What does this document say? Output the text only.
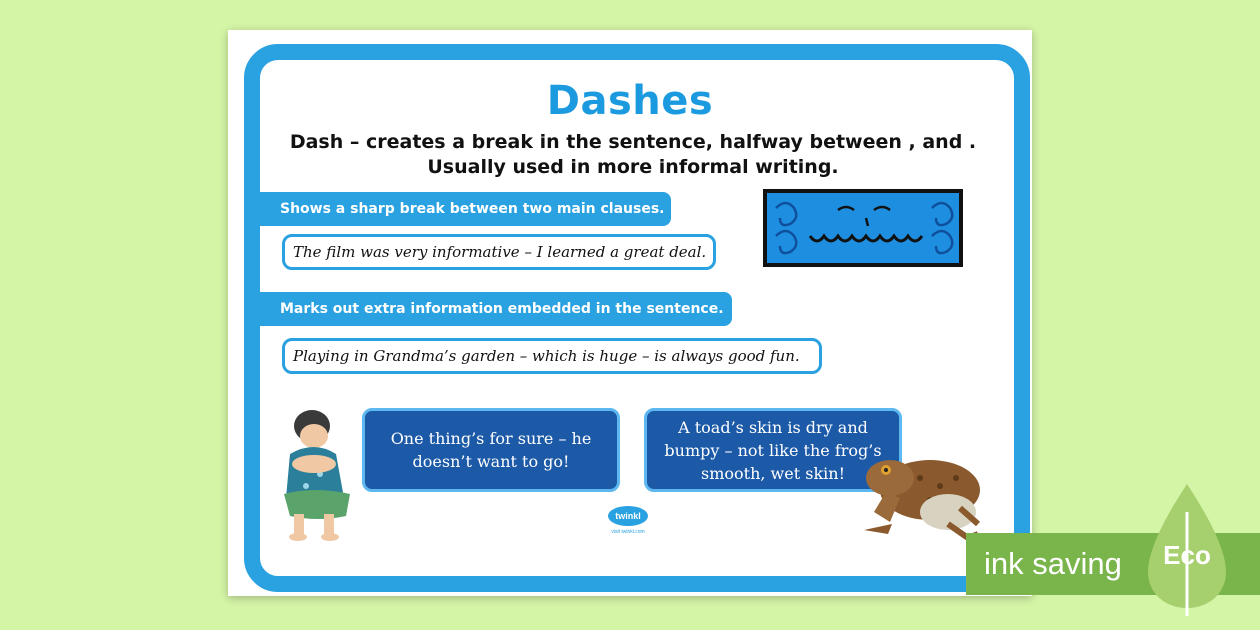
Dashes
Dash – creates a break in the sentence, halfway between , and . Usually used in more informal writing.
Shows a sharp break between two main clauses.
The film was very informative – I learned a great deal.
Marks out extra information embedded in the sentence.
Playing in Grandma’s garden – which is huge – is always good fun.
One thing’s for sure – he doesn’t want to go!
A toad’s skin is dry and bumpy – not like the frog’s smooth, wet skin!
twinkl
visit twinkl.com
ink saving	Eco
